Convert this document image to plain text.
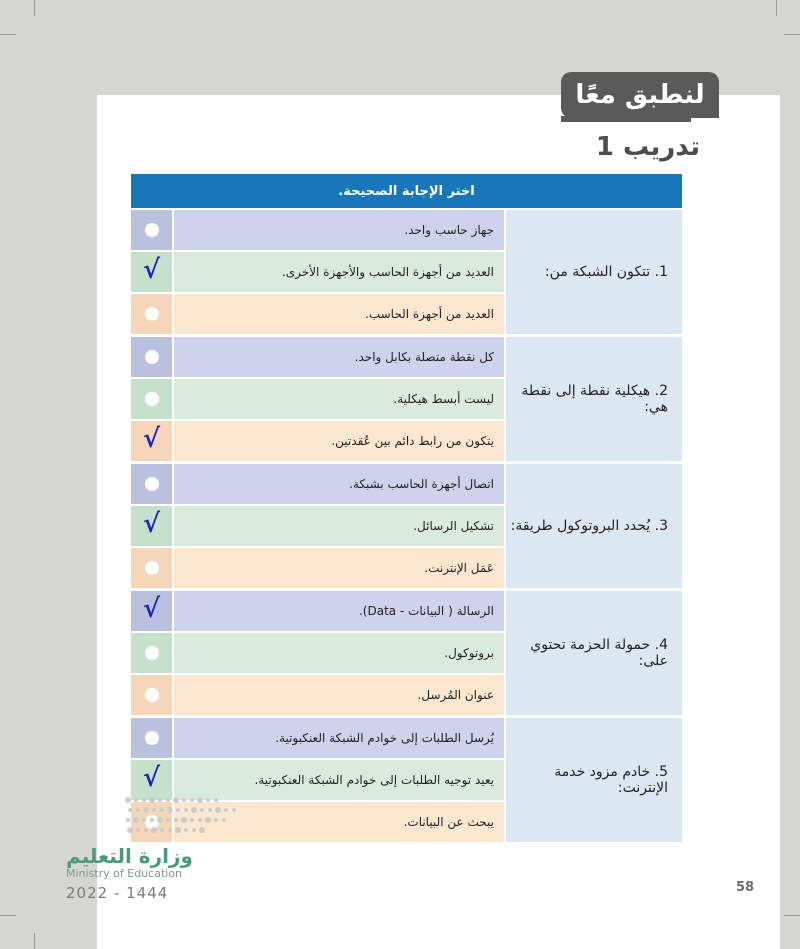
لنطبق معًا
تدريب 1
اختر الإجابة الصحيحة.
1. تتكون الشبكة من:
جهاز حاسب واحد.
العديد من أجهزة الحاسب والأجهزة الأخرى.
√
العديد من أجهزة الحاسب.
2. هيكلية نقطة إلى نقطة هي:
كل نقطة متصلة بكابل واحد.
ليست أبسط هيكلية.
يتكون من رابط دائم بين عُقدتين.
√
3. يُحدد البروتوكول طريقة:
اتصال أجهزة الحاسب بشبكة.
تشكيل الرسائل.
√
عَمَل الإنترنت.
4. حمولة الحزمة تحتوي على:
الرسالة ( البيانات - Data).
√
بروتوكول.
عنوان المُرسل.
5. خادم مزود خدمة الإنترنت:
يُرسل الطلبات إلى خوادم الشبكة العنكبوتية.
يعيد توجيه الطلبات إلى خوادم الشبكة العنكبوتية.
√
يبحث عن البيانات.
58
وزارة التعليم
Ministry of Education
2022 - 1444
